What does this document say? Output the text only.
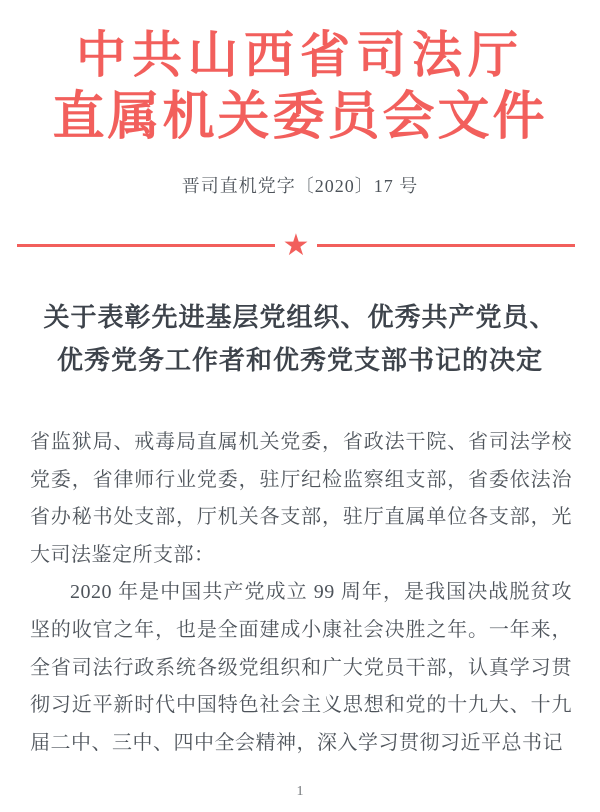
中共山西省司法厅
直属机关委员会文件
晋司直机党字〔2020〕17 号
★
关于表彰先进基层党组织、优秀共产党员、
优秀党务工作者和优秀党支部书记的决定

省监狱局、戒毒局直属机关党委，省政法干院、省司法学校党委，省律师行业党委，驻厅纪检监察组支部，省委依法治省办秘书处支部，厅机关各支部，驻厅直属单位各支部，光大司法鉴定所支部：

2020 年是中国共产党成立 99 周年，是我国决战脱贫攻坚的收官之年，也是全面建成小康社会决胜之年。一年来，全省司法行政系统各级党组织和广大党员干部，认真学习贯彻习近平新时代中国特色社会主义思想和党的十九大、十九届二中、三中、四中全会精神，深入学习贯彻习近平总书记

1
